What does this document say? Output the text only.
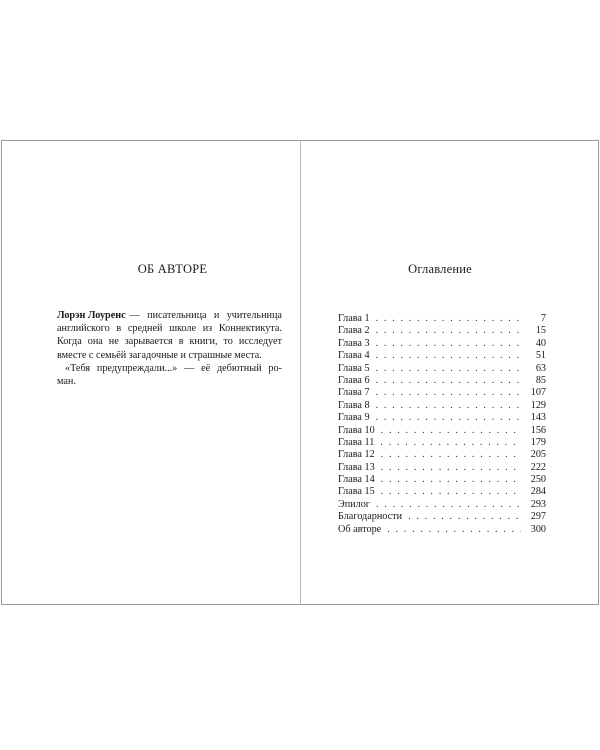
ОБ АВТОРЕ
Лорэн Лоуренс — писательница и учительница
английского в средней школе из Коннектикута.
Когда она не зарывается в книги, то исследует
вместе с семьёй загадочные и страшные места.
«Тебя предупреждали...» — её дебютный ро-
ман.
Оглавление
Глава 1 . . .	7
Глава 2 . . .	15
Глава 3 . . .	40
Глава 4 . . .	51
Глава 5 . . .	63
Глава 6 . . .	85
Глава 7 . . .	107
Глава 8 . . .	129
Глава 9 . . .	143
Глава 10 . . .	156
Глава 11 . . .	179
Глава 12 . . .	205
Глава 13 . . .	222
Глава 14 . . .	250
Глава 15 . . .	284
Эпилог . . .	293
Благодарности . . .	297
Об авторе . . .	300
